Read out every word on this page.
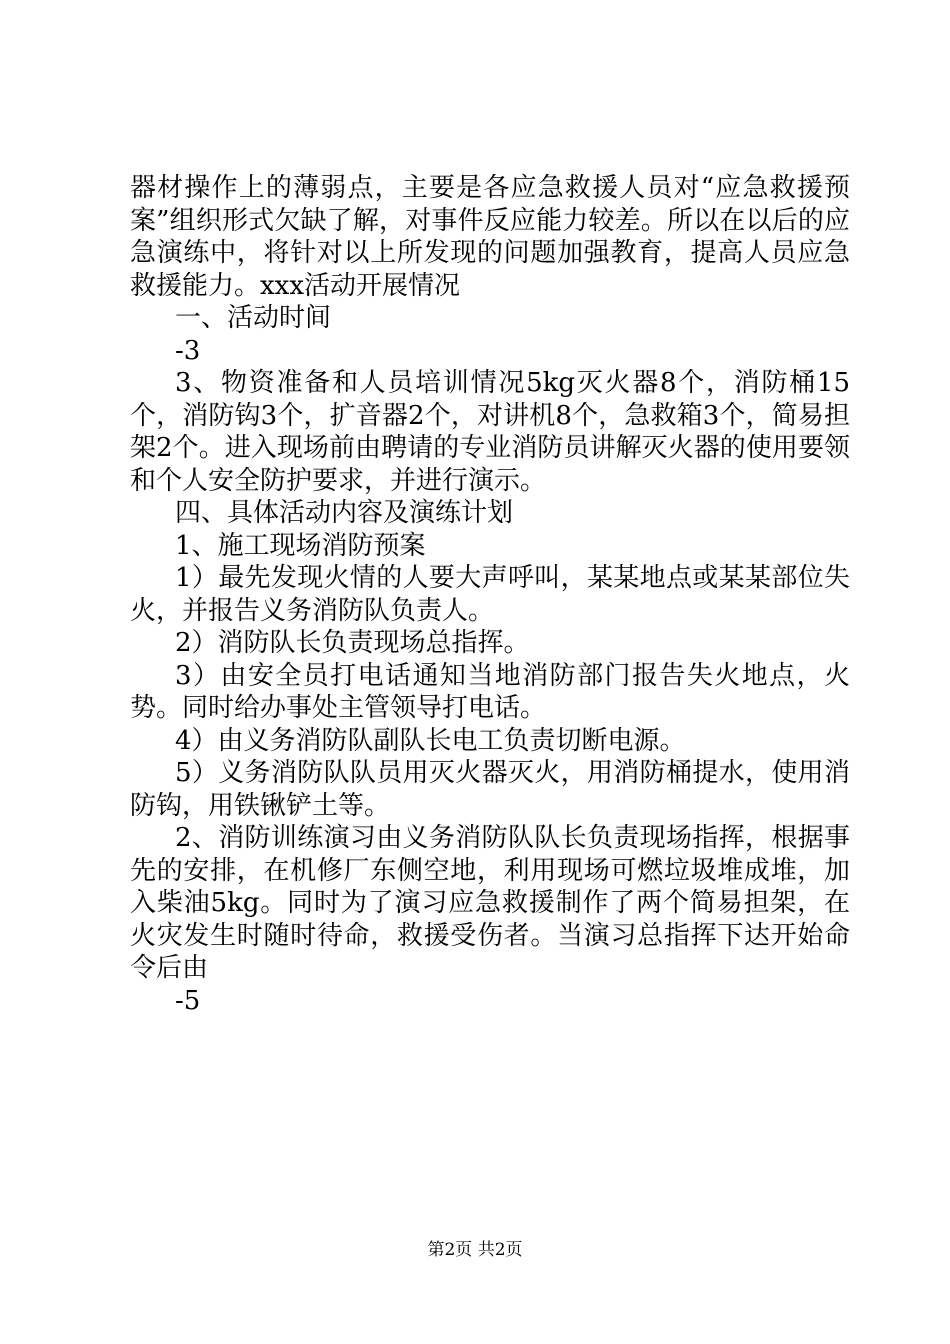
器材操作上的薄弱点，主要是各应急救援人员对“应急救援预案”组织形式欠缺了解，对事件反应能力较差。所以在以后的应急演练中，将针对以上所发现的问题加强教育，提高人员应急救援能力。xxx活动开展情况

一、活动时间

-3

3、物资准备和人员培训情况5kg灭火器8个，消防桶15个，消防钩3个，扩音器2个，对讲机8个，急救箱3个，简易担架2个。进入现场前由聘请的专业消防员讲解灭火器的使用要领和个人安全防护要求，并进行演示。

四、具体活动内容及演练计划

1、施工现场消防预案

1）最先发现火情的人要大声呼叫，某某地点或某某部位失火，并报告义务消防队负责人。

2）消防队长负责现场总指挥。

3）由安全员打电话通知当地消防部门报告失火地点，火势。同时给办事处主管领导打电话。

4）由义务消防队副队长电工负责切断电源。

5）义务消防队队员用灭火器灭火，用消防桶提水，使用消防钩，用铁锹铲土等。

2、消防训练演习由义务消防队队长负责现场指挥，根据事先的安排，在机修厂东侧空地，利用现场可燃垃圾堆成堆，加入柴油5kg。同时为了演习应急救援制作了两个简易担架，在火灾发生时随时待命，救援受伤者。当演习总指挥下达开始命令后由

-5

第2页 共2页
